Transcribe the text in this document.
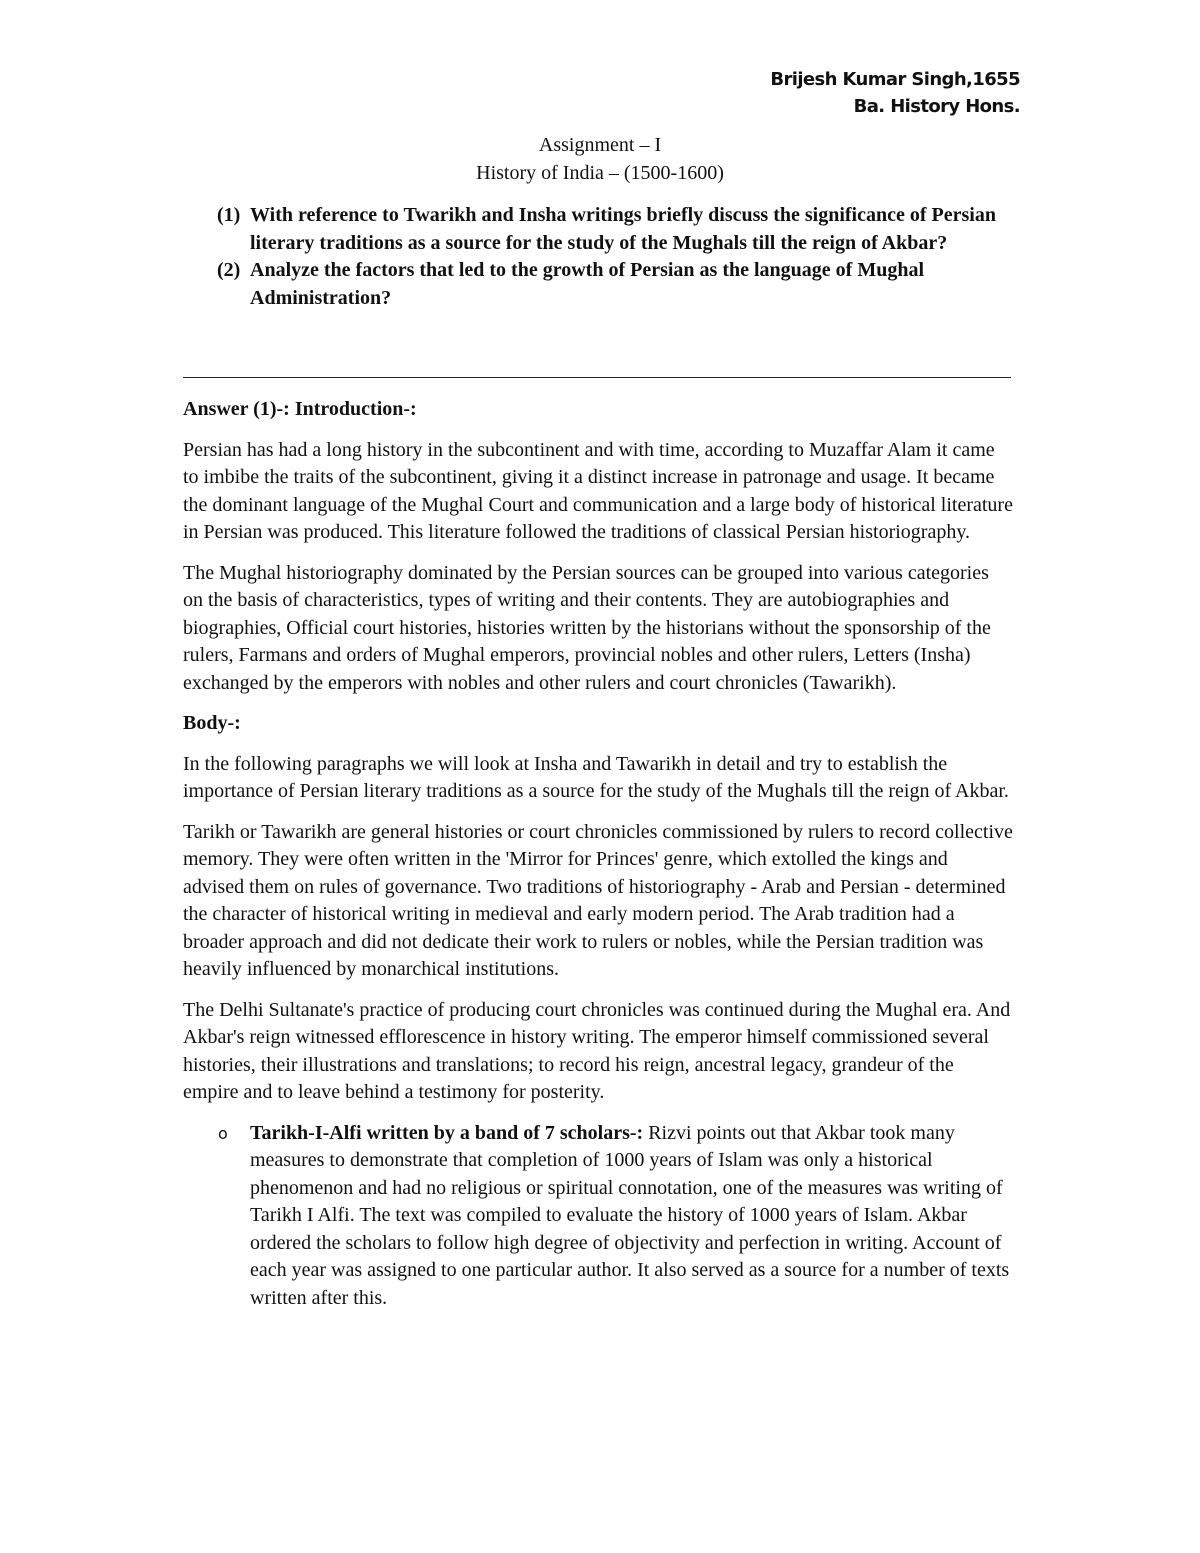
Brijesh Kumar Singh,1655
Ba. History Hons.
Assignment – I
History of India – (1500-1600)
(1) With reference to Twarikh and Insha writings briefly discuss the significance of Persian literary traditions as a source for the study of the Mughals till the reign of Akbar?
(2) Analyze the factors that led to the growth of Persian as the language of Mughal Administration?
Answer (1)-: Introduction-:

Persian has had a long history in the subcontinent and with time, according to Muzaffar Alam it came to imbibe the traits of the subcontinent, giving it a distinct increase in patronage and usage. It became the dominant language of the Mughal Court and communication and a large body of historical literature in Persian was produced. This literature followed the traditions of classical Persian historiography.

The Mughal historiography dominated by the Persian sources can be grouped into various categories on the basis of characteristics, types of writing and their contents. They are autobiographies and biographies, Official court histories, histories written by the historians without the sponsorship of the rulers, Farmans and orders of Mughal emperors, provincial nobles and other rulers, Letters (Insha) exchanged by the emperors with nobles and other rulers and court chronicles (Tawarikh).

Body-:

In the following paragraphs we will look at Insha and Tawarikh in detail and try to establish the importance of Persian literary traditions as a source for the study of the Mughals till the reign of Akbar.

Tarikh or Tawarikh are general histories or court chronicles commissioned by rulers to record collective memory. They were often written in the 'Mirror for Princes' genre, which extolled the kings and advised them on rules of governance. Two traditions of historiography - Arab and Persian - determined the character of historical writing in medieval and early modern period. The Arab tradition had a broader approach and did not dedicate their work to rulers or nobles, while the Persian tradition was heavily influenced by monarchical institutions.

The Delhi Sultanate's practice of producing court chronicles was continued during the Mughal era. And Akbar's reign witnessed efflorescence in history writing. The emperor himself commissioned several histories, their illustrations and translations; to record his reign, ancestral legacy, grandeur of the empire and to leave behind a testimony for posterity.

o Tarikh-I-Alfi written by a band of 7 scholars-: Rizvi points out that Akbar took many measures to demonstrate that completion of 1000 years of Islam was only a historical phenomenon and had no religious or spiritual connotation, one of the measures was writing of Tarikh I Alfi. The text was compiled to evaluate the history of 1000 years of Islam. Akbar ordered the scholars to follow high degree of objectivity and perfection in writing. Account of each year was assigned to one particular author. It also served as a source for a number of texts written after this.
